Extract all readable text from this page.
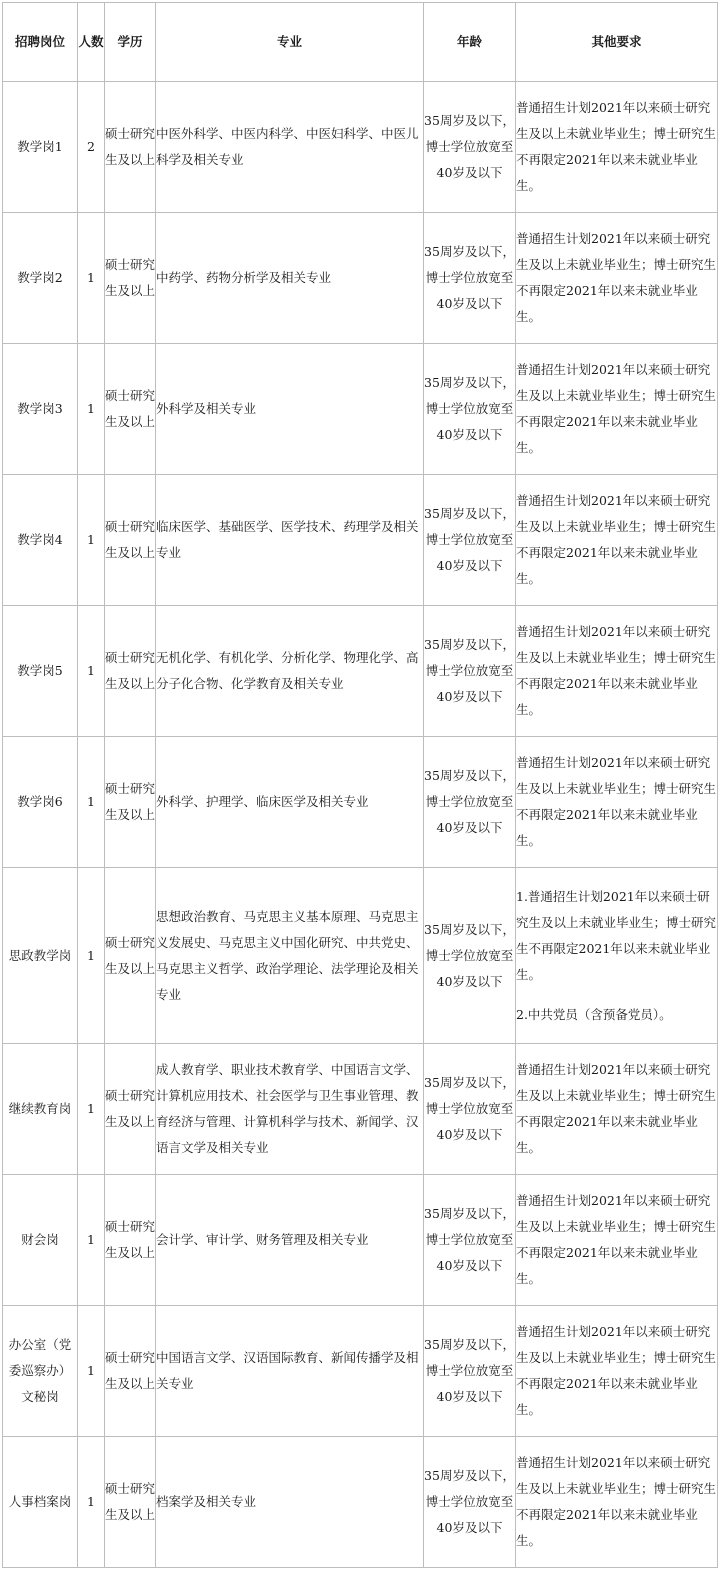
招聘岗位	人数	学历	专业	年龄	其他要求
教学岗1	2	硕士研究生及以上	中医外科学、中医内科学、中医妇科学、中医儿科学及相关专业	35周岁及以下，博士学位放宽至40岁及以下	普通招生计划2021年以来硕士研究生及以上未就业毕业生；博士研究生不再限定2021年以来未就业毕业生。

教学岗2	1	硕士研究生及以上	中药学、药物分析学及相关专业	35周岁及以下，博士学位放宽至40岁及以下	普通招生计划2021年以来硕士研究生及以上未就业毕业生；博士研究生不再限定2021年以来未就业毕业生。

教学岗3	1	硕士研究生及以上	外科学及相关专业	35周岁及以下，博士学位放宽至40岁及以下	普通招生计划2021年以来硕士研究生及以上未就业毕业生；博士研究生不再限定2021年以来未就业毕业生。

教学岗4	1	硕士研究生及以上	临床医学、基础医学、医学技术、药理学及相关专业	35周岁及以下，博士学位放宽至40岁及以下	普通招生计划2021年以来硕士研究生及以上未就业毕业生；博士研究生不再限定2021年以来未就业毕业生。

教学岗5	1	硕士研究生及以上	无机化学、有机化学、分析化学、物理化学、高分子化合物、化学教育及相关专业	35周岁及以下，博士学位放宽至40岁及以下	普通招生计划2021年以来硕士研究生及以上未就业毕业生；博士研究生不再限定2021年以来未就业毕业生。

教学岗6	1	硕士研究生及以上	外科学、护理学、临床医学及相关专业	35周岁及以下，博士学位放宽至40岁及以下	普通招生计划2021年以来硕士研究生及以上未就业毕业生；博士研究生不再限定2021年以来未就业毕业生。

思政教学岗	1	硕士研究生及以上	思想政治教育、马克思主义基本原理、马克思主义发展史、马克思主义中国化研究、中共党史、马克思主义哲学、政治学理论、法学理论及相关专业	35周岁及以下，博士学位放宽至40岁及以下	1.普通招生计划2021年以来硕士研究生及以上未就业毕业生；博士研究生不再限定2021年以来未就业毕业生。
2.中共党员（含预备党员）。

继续教育岗	1	硕士研究生及以上	成人教育学、职业技术教育学、中国语言文学、计算机应用技术、社会医学与卫生事业管理、教育经济与管理、计算机科学与技术、新闻学、汉语言文学及相关专业	35周岁及以下，博士学位放宽至40岁及以下	普通招生计划2021年以来硕士研究生及以上未就业毕业生；博士研究生不再限定2021年以来未就业毕业生。

财会岗	1	硕士研究生及以上	会计学、审计学、财务管理及相关专业	35周岁及以下，博士学位放宽至40岁及以下	普通招生计划2021年以来硕士研究生及以上未就业毕业生；博士研究生不再限定2021年以来未就业毕业生。

办公室（党委巡察办）文秘岗	1	硕士研究生及以上	中国语言文学、汉语国际教育、新闻传播学及相关专业	35周岁及以下，博士学位放宽至40岁及以下	普通招生计划2021年以来硕士研究生及以上未就业毕业生；博士研究生不再限定2021年以来未就业毕业生。

人事档案岗	1	硕士研究生及以上	档案学及相关专业	35周岁及以下，博士学位放宽至40岁及以下	普通招生计划2021年以来硕士研究生及以上未就业毕业生；博士研究生不再限定2021年以来未就业毕业生。
